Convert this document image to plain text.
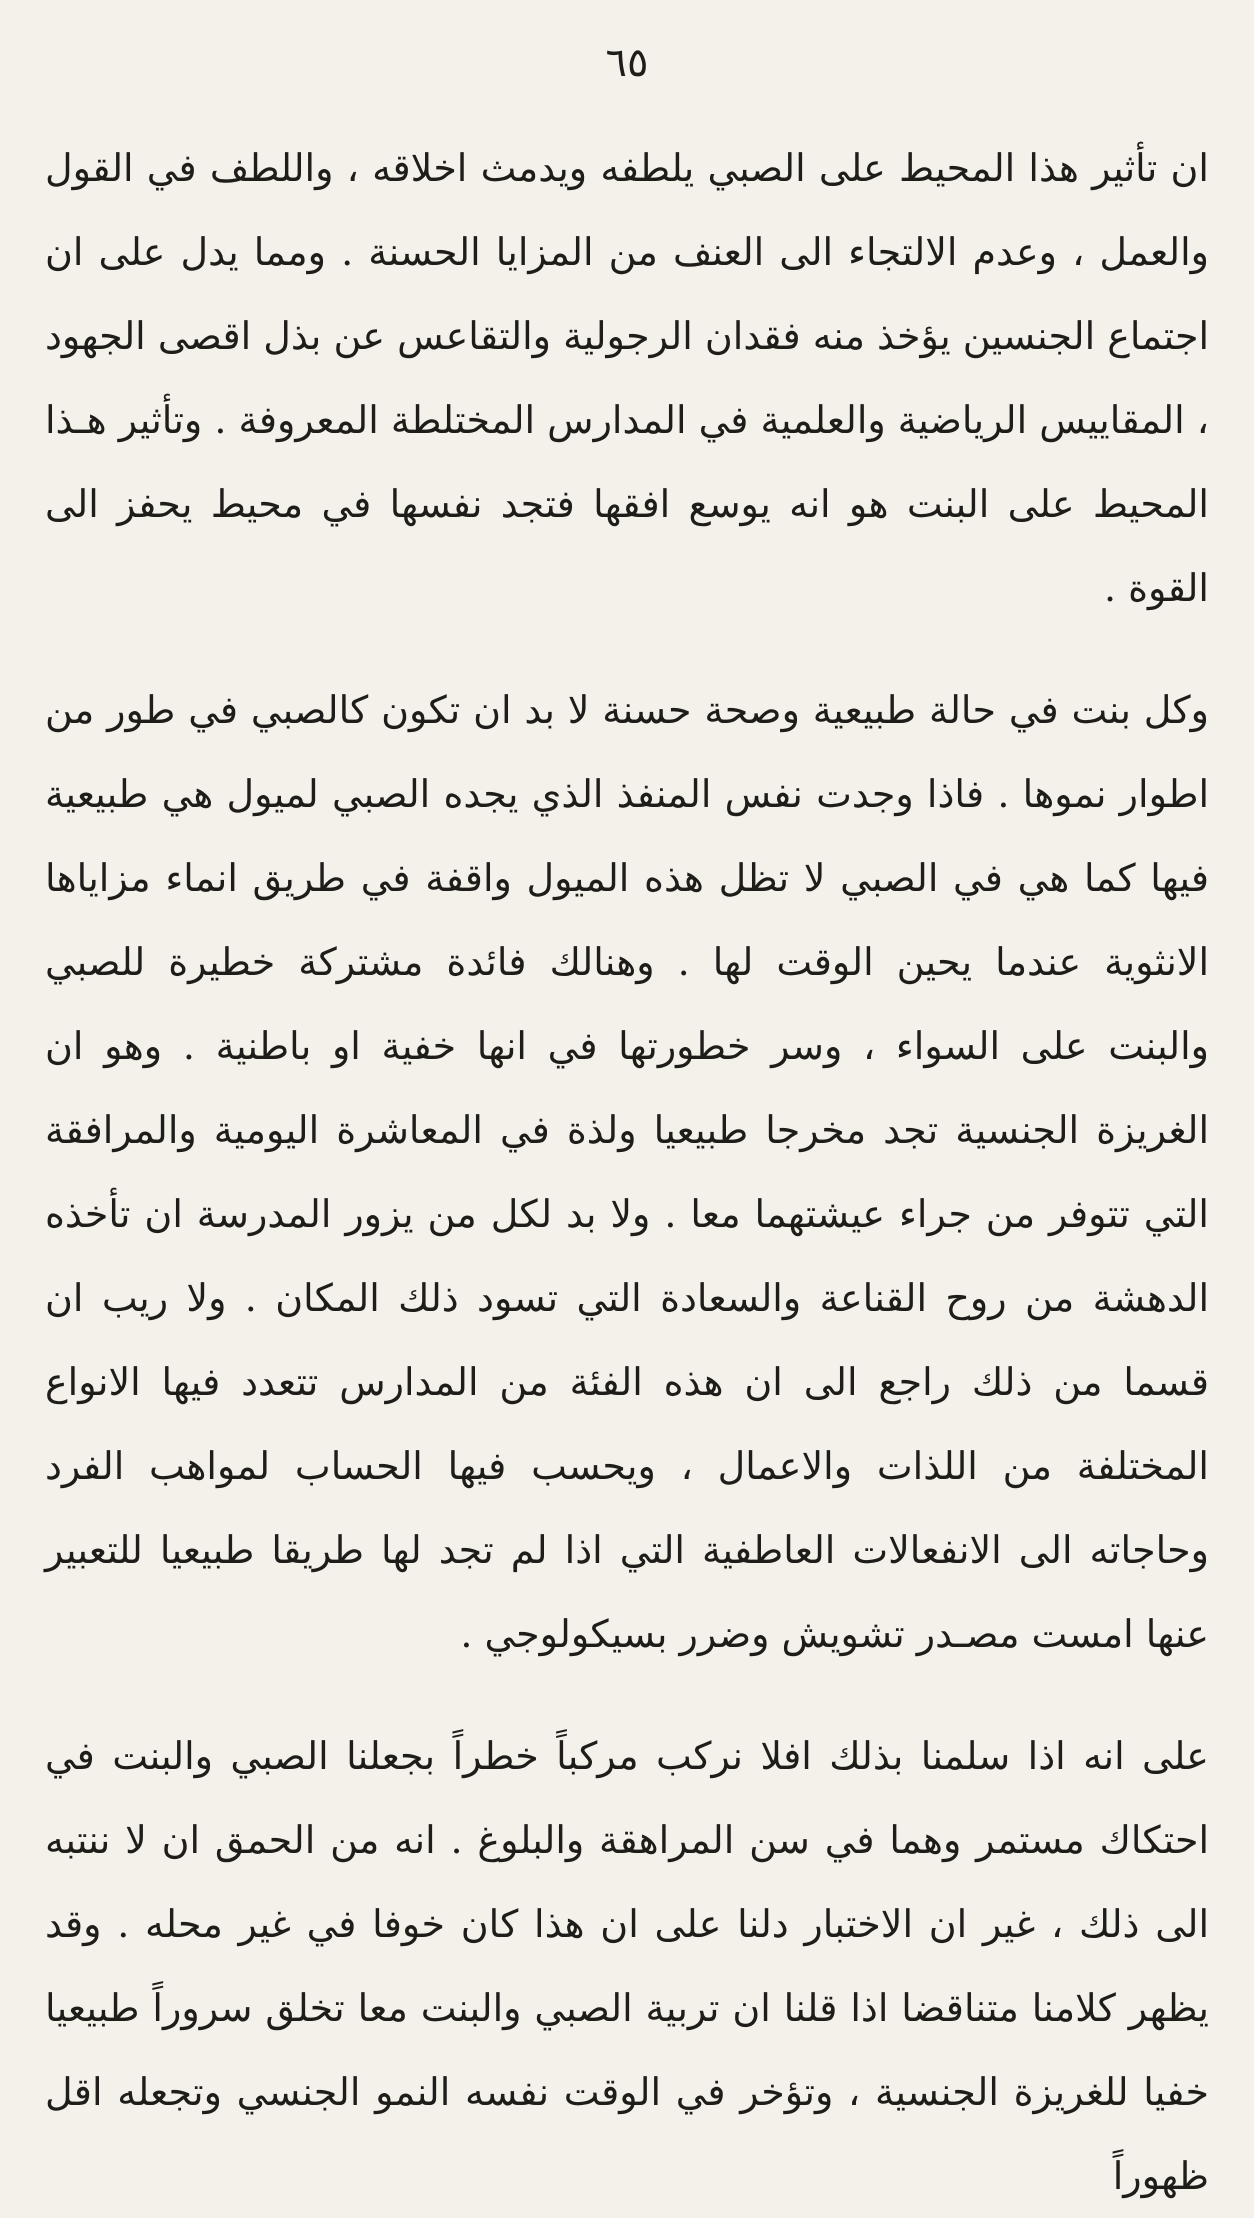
٦٥

ان تأثير هذا المحيط على الصبي يلطفه ويدمث اخلاقه ، واللطف في القول والعمل ، وعدم الالتجاء الى العنف من المزايا الحسنة . ومما يدل على ان اجتماع الجنسين يؤخذ منه فقدان الرجولية والتقاعس عن بذل اقصى الجهود ، المقاييس الرياضية والعلمية في المدارس المختلطة المعروفة . وتأثير هـذا المحيط على البنت هو انه يوسع افقها فتجد نفسها في محيط يحفز الى القوة .

وكل بنت في حالة طبيعية وصحة حسنة لا بد ان تكون كالصبي في طور من اطوار نموها . فاذا وجدت نفس المنفذ الذي يجده الصبي لميول هي طبيعية فيها كما هي في الصبي لا تظل هذه الميول واقفة في طريق انماء مزاياها الانثوية عندما يحين الوقت لها . وهنالك فائدة مشتركة خطيرة للصبي والبنت على السواء ، وسر خطورتها في انها خفية او باطنية . وهو ان الغريزة الجنسية تجد مخرجا طبيعيا ولذة في المعاشرة اليومية والمرافقة التي تتوفر من جراء عيشتهما معا . ولا بد لكل من يزور المدرسة ان تأخذه الدهشة من روح القناعة والسعادة التي تسود ذلك المكان . ولا ريب ان قسما من ذلك راجع الى ان هذه الفئة من المدارس تتعدد فيها الانواع المختلفة من اللذات والاعمال ، ويحسب فيها الحساب لمواهب الفرد وحاجاته الى الانفعالات العاطفية التي اذا لم تجد لها طريقا طبيعيا للتعبير عنها امست مصـدر تشويش وضرر بسيكولوجي .

على انه اذا سلمنا بذلك افلا نركب مركباً خطراً بجعلنا الصبي والبنت في احتكاك مستمر وهما في سن المراهقة والبلوغ . انه من الحمق ان لا ننتبه الى ذلك ، غير ان الاختبار دلنا على ان هذا كان خوفا في غير محله . وقد يظهر كلامنا متناقضا اذا قلنا ان تربية الصبي والبنت معا تخلق سروراً طبيعيا خفيا للغريزة الجنسية ، وتؤخر في الوقت نفسه النمو الجنسي وتجعله اقل ظهوراً
